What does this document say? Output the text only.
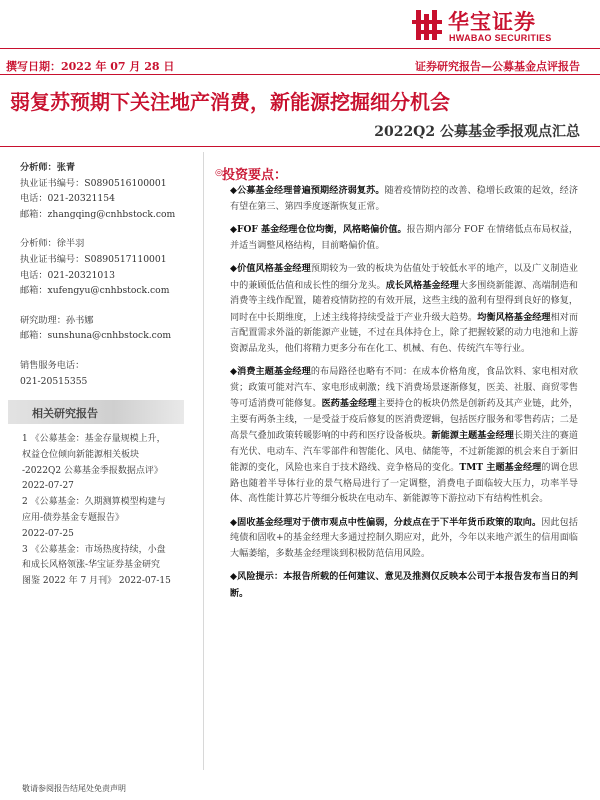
华宝证券
HWABAO SECURITIES
撰写日期：2022 年 07 月 28 日	证券研究报告—公募基金点评报告
弱复苏预期下关注地产消费，新能源挖掘细分机会
2022Q2 公募基金季报观点汇总
分析师：张青
执业证书编号：S0890516100001
电话：021-20321154
邮箱：zhangqing@cnhbstock.com
分析师：徐半羽
执业证书编号：S0890517110001
电话：021-20321013
邮箱：xufengyu@cnhbstock.com
研究助理：孙书娜
邮箱：sunshuna@cnhbstock.com
销售服务电话：
021-20515355
相关研究报告
1 《公募基金：基金存量规模上升，
权益仓位倾向新能源相关板块
-2022Q2 公募基金季报数据点评》
2022-07-27
2 《公募基金：久期测算模型构建与
应用-债券基金专题报告》
2022-07-25
3 《公募基金：市场热度持续，小盘
和成长风格领涨-华宝证券基金研究
图鉴 2022 年 7 月刊》 2022-07-15
◎ 投资要点：

◆公募基金经理普遍预期经济弱复苏。随着疫情防控的改善、稳增长政策的起效，经济有望在第三、第四季度逐渐恢复正常。

◆FOF 基金经理仓位均衡，风格略偏价值。报告期内部分 FOF 在情绪低点布局权益，并适当调整风格结构，目前略偏价值。

◆价值风格基金经理预期较为一致的板块为估值处于较低水平的地产，以及广义制造业中的兼顾低估值和成长性的细分龙头。成长风格基金经理大多围绕新能源、高端制造和消费等主线作配置，随着疫情防控的有效开展，这些主线的盈利有望得到良好的修复，同时在中长期维度，上述主线将持续受益于产业升级大趋势。均衡风格基金经理相对而言配置需求外溢的新能源产业链，不过在具体持仓上，除了把握较紧的动力电池和上游资源品龙头，他们将精力更多分布在化工、机械、有色、传统汽车等行业。

◆消费主题基金经理的布局路径也略有不同：在成本价格角度，食品饮料、家电相对欣赏；政策可能对汽车、家电形成刺激；线下消费场景逐渐修复，医美、社服、商贸零售等可适消费可能修复。医药基金经理主要持仓的板块仍然是创新药及其产业链，此外，主要有两条主线，一是受益于疫后修复的医消费逻辑，包括医疗服务和零售药店；二是高景气叠加政策转暖影响的中药和医疗设备板块。新能源主题基金经理长期关注的赛道有光伏、电动车、汽车零部件和智能化、风电、储能等，不过新能源的机会来自于新旧能源的变化，风险也来自于技术路线、竞争格局的变化。TMT 主题基金经理的调仓思路也随着半导体行业的景气格局进行了一定调整，消费电子面临较大压力，功率半导体、高性能计算芯片等细分板块在电动车、新能源等下游拉动下有结构性机会。

◆固收基金经理对于债市观点中性偏弱，分歧点在于下半年货币政策的取向。因此包括纯债和固收+的基金经理大多通过控制久期应对，此外，今年以来地产派生的信用面临大幅萎缩，多数基金经理谈到积极防范信用风险。

◆风险提示：本报告所载的任何建议、意见及推测仅反映本公司于本报告发布当日的判断。

敬请参阅报告结尾处免责声明
